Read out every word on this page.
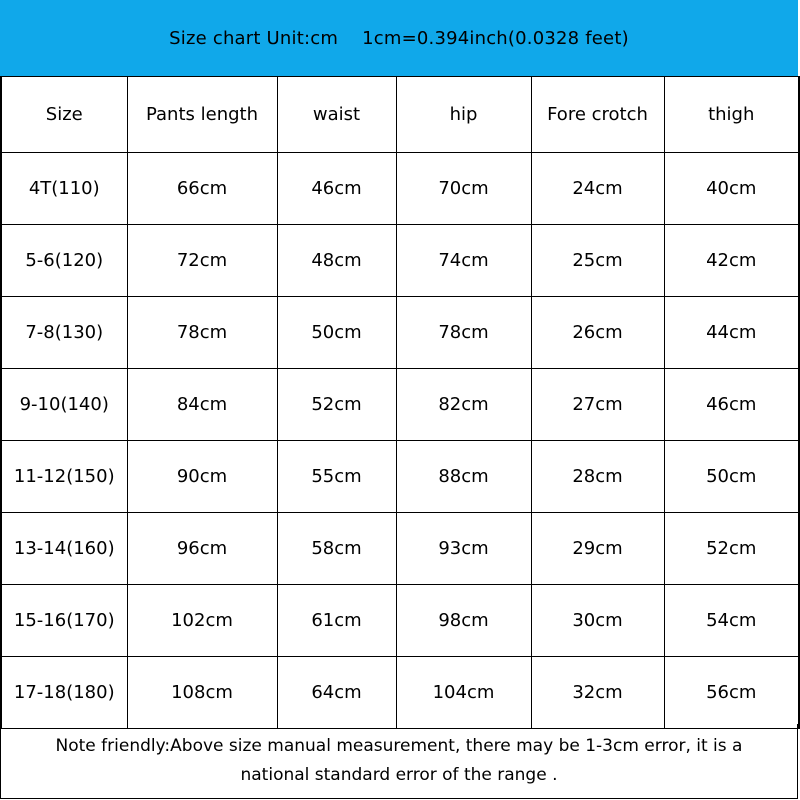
Size chart Unit:cm 1cm=0.394inch(0.0328 feet)
Size	Pants length	waist	hip	Fore crotch	thigh
4T(110)	66cm	46cm	70cm	24cm	40cm
5-6(120)	72cm	48cm	74cm	25cm	42cm
7-8(130)	78cm	50cm	78cm	26cm	44cm
9-10(140)	84cm	52cm	82cm	27cm	46cm
11-12(150)	90cm	55cm	88cm	28cm	50cm
13-14(160)	96cm	58cm	93cm	29cm	52cm
15-16(170)	102cm	61cm	98cm	30cm	54cm
17-18(180)	108cm	64cm	104cm	32cm	56cm
Note friendly:Above size manual measurement, there may be 1-3cm error, it is a
national standard error of the range .
